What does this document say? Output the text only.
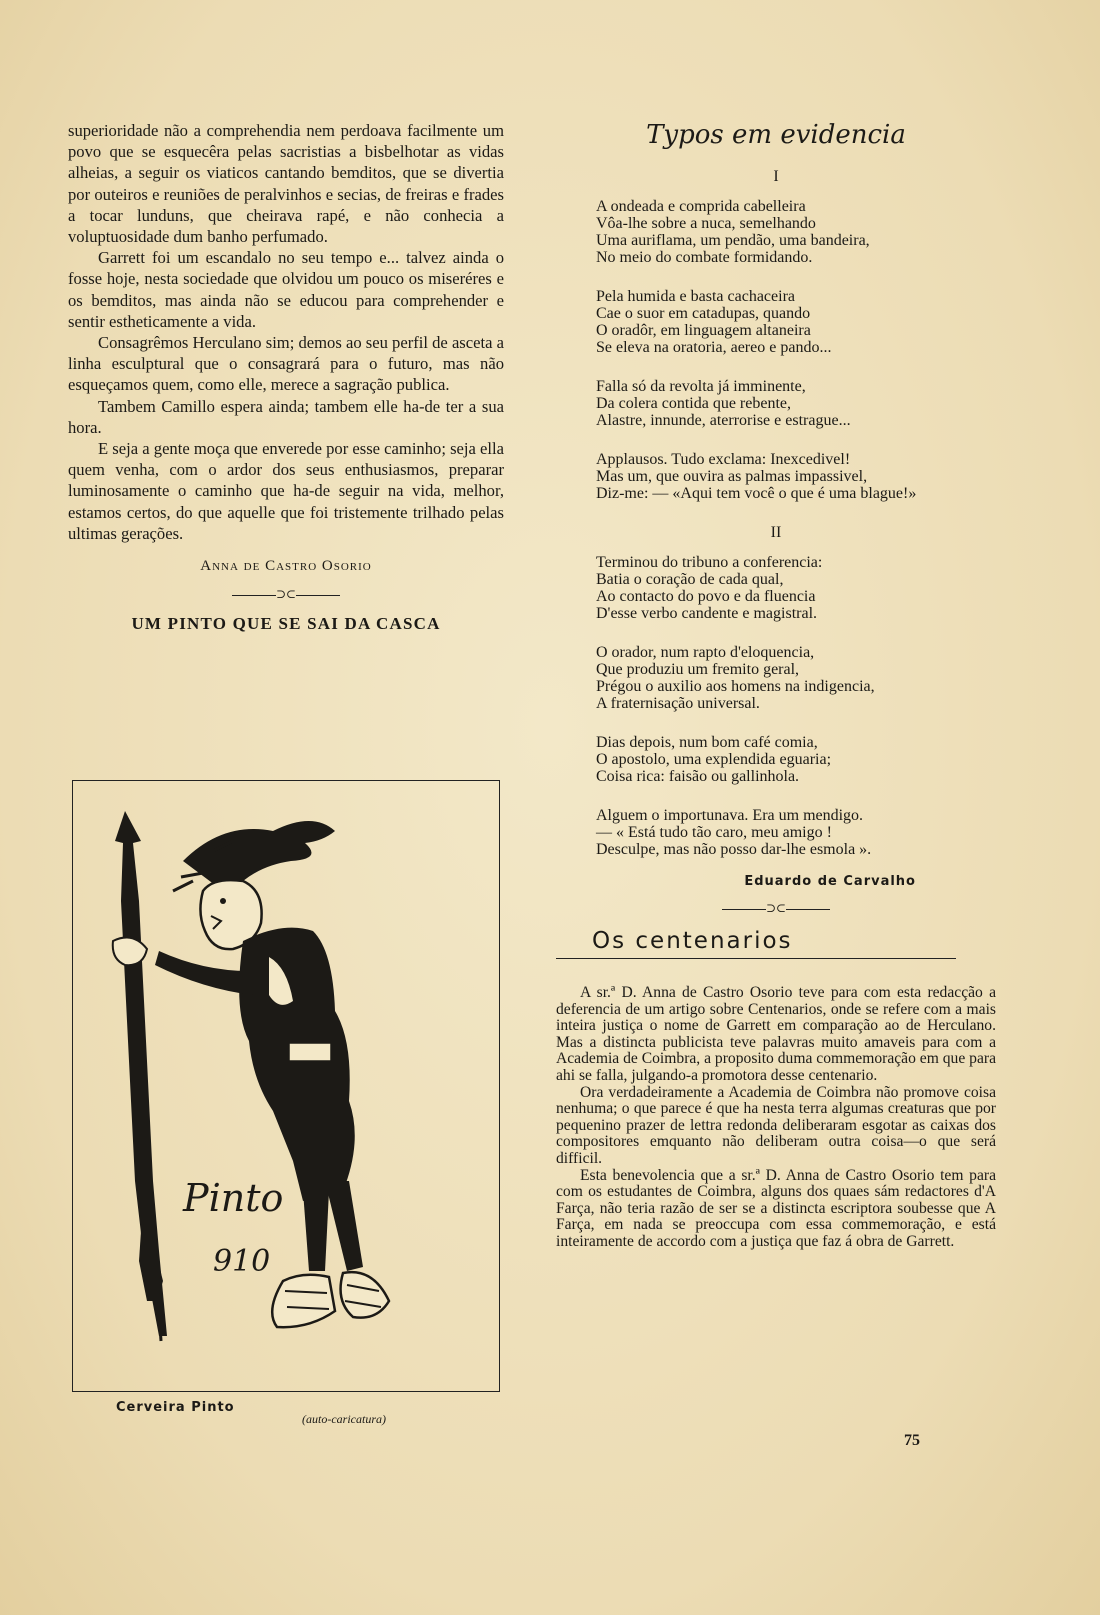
superioridade não a comprehendia nem perdoava facilmente um povo que se esquecêra pelas sacristias a bisbelhotar as vidas alheias, a seguir os viaticos cantando bemditos, que se divertia por outeiros e reuniões de peralvinhos e secias, de freiras e frades a tocar lunduns, que cheirava rapé, e não conhecia a voluptuosidade dum banho perfumado.

Garrett foi um escandalo no seu tempo e... talvez ainda o fosse hoje, nesta sociedade que olvidou um pouco os miseréres e os bemditos, mas ainda não se educou para comprehender e sentir estheticamente a vida.

Consagrêmos Herculano sim; demos ao seu perfil de asceta a linha esculptural que o consagrará para o futuro, mas não esqueçamos quem, como elle, merece a sagração publica.

Tambem Camillo espera ainda; tambem elle ha-de ter a sua hora.

E seja a gente moça que enverede por esse caminho; seja ella quem venha, com o ardor dos seus enthusiasmos, preparar luminosamente o caminho que ha-de seguir na vida, melhor, estamos certos, do que aquelle que foi tristemente trilhado pelas ultimas gerações.

Anna de Castro Osorio

⊃⊂
UM PINTO QUE SE SAI DA CASCA
Pinto
910
Cerveira Pinto
(auto-caricatura)
Typos em evidencia
I
A ondeada e comprida cabelleira
Vôa-lhe sobre a nuca, semelhando
Uma auriflama, um pendão, uma bandeira,
No meio do combate formidando.
Pela humida e basta cachaceira
Cae o suor em catadupas, quando
O oradôr, em linguagem altaneira
Se eleva na oratoria, aereo e pando...
Falla só da revolta já imminente,
Da colera contida que rebente,
Alastre, innunde, aterrorise e estrague...
Applausos. Tudo exclama: Inexcedivel!
Mas um, que ouvira as palmas impassivel,
Diz-me: — «Aqui tem você o que é uma blague!»
II
Terminou do tribuno a conferencia:
Batia o coração de cada qual,
Ao contacto do povo e da fluencia
D'esse verbo candente e magistral.
O orador, num rapto d'eloquencia,
Que produziu um fremito geral,
Prégou o auxilio aos homens na indigencia,
A fraternisação universal.
Dias depois, num bom café comia,
O apostolo, uma explendida eguaria;
Coisa rica: faisão ou gallinhola.
Alguem o importunava. Era um mendigo.
— « Está tudo tão caro, meu amigo !
Desculpe, mas não posso dar-lhe esmola ».
Eduardo de Carvalho
⊃⊂
Os centenarios

A sr.ª D. Anna de Castro Osorio teve para com esta redacção a deferencia de um artigo sobre Centenarios, onde se refere com a mais inteira justiça o nome de Garrett em comparação ao de Herculano. Mas a distincta publicista teve palavras muito amaveis para com a Academia de Coimbra, a proposito duma commemoração em que para ahi se falla, julgando-a promotora desse centenario.

Ora verdadeiramente a Academia de Coimbra não promove coisa nenhuma; o que parece é que ha nesta terra algumas creaturas que por pequenino prazer de lettra redonda deliberaram esgotar as caixas dos compositores emquanto não deliberam outra coisa—o que será difficil.

Esta benevolencia que a sr.ª D. Anna de Castro Osorio tem para com os estudantes de Coimbra, alguns dos quaes sám redactores d'A Farça, não teria razão de ser se a distincta escriptora soubesse que A Farça, em nada se preoccupa com essa commemoração, e está inteiramente de accordo com a justiça que faz á obra de Garrett.

75
